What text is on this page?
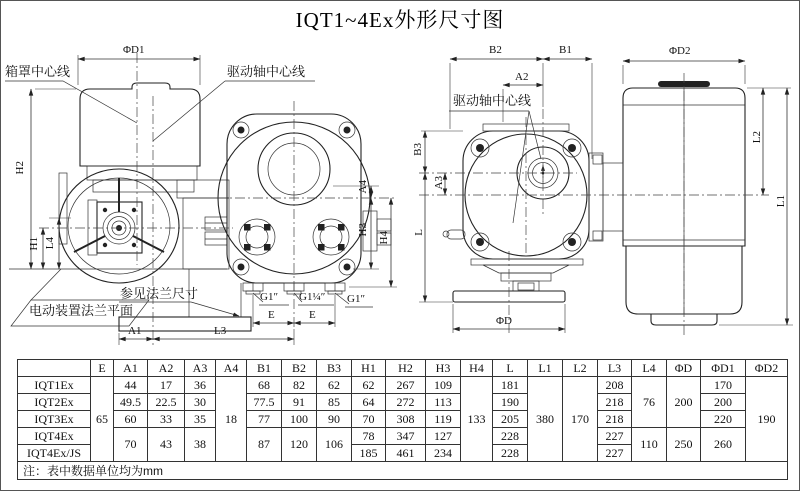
IQT1~4Ex外形尺寸图
ΦD1
箱罩中心线	驱动轴中心线
H2
H1 L4
参见法兰尺寸
电动装置法兰平面
A1	L3
E	E
G1″ G1¼″ G1″
A4
H3
H4
B2	B1
A2
ΦD2
驱动轴中心线
B3
A3
L
L2
L1
ΦD
	E	A1	A2	A3	A4	B1	B2	B3	H1	H2	H3	H4	L	L1	L2	L3	L4	ΦD	ΦD1	ΦD2
IQT1Ex	65	44	17	36	18	68	82	62	62	267	109	133	181	380	170	208	76	200	170	190
IQT2Ex		49.5	22.5	30		77.5	91	85	64	272	113		190			218			200	
IQT3Ex		60	33	35		77	100	90	70	308	119		205			218			220	
IQT4Ex		70	43	38		87	120	106	78	347	127		228			227	110	250	260	
IQT4Ex/JS									185	461	234		228			227				
注：表中数据单位均为mm																				
